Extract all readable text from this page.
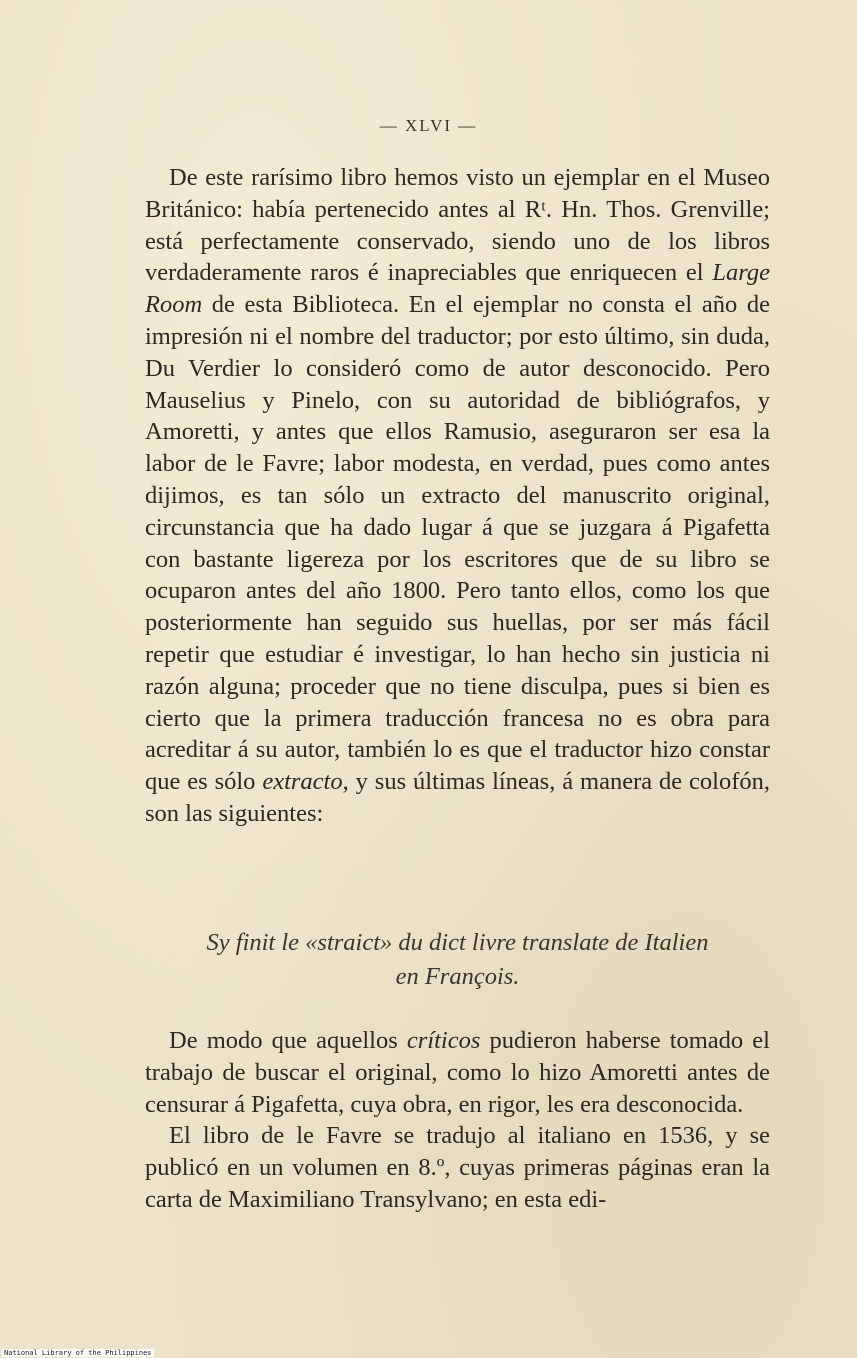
— XLVI —

De este rarísimo libro hemos visto un ejemplar en el Museo Británico: había pertenecido antes al Rᵗ. Hn. Thos. Grenville; está perfectamente conservado, siendo uno de los libros verdaderamente raros é inapreciables que enriquecen el Large Room de esta Biblioteca. En el ejemplar no consta el año de impresión ni el nombre del traductor; por esto último, sin duda, Du Verdier lo consideró como de autor desconocido. Pero Mauselius y Pinelo, con su autoridad de bibliógrafos, y Amoretti, y antes que ellos Ramusio, aseguraron ser esa la labor de le Favre; labor modesta, en verdad, pues como antes dijimos, es tan sólo un extracto del manuscrito original, circunstancia que ha dado lugar á que se juzgara á Pigafetta con bastante ligereza por los escritores que de su libro se ocuparon antes del año 1800. Pero tanto ellos, como los que posteriormente han seguido sus huellas, por ser más fácil repetir que estudiar é investigar, lo han hecho sin justicia ni razón alguna; proceder que no tiene disculpa, pues si bien es cierto que la primera traducción francesa no es obra para acreditar á su autor, también lo es que el traductor hizo constar que es sólo extracto, y sus últimas líneas, á manera de colofón, son las siguientes:

Sy finit le «straict» du dict livre translate de Italien
en François.

De modo que aquellos críticos pudieron haberse tomado el trabajo de buscar el original, como lo hizo Amoretti antes de censurar á Pigafetta, cuya obra, en rigor, les era desconocida.

El libro de le Favre se tradujo al italiano en 1536, y se publicó en un volumen en 8.º, cuyas primeras páginas eran la carta de Maximiliano Transylvano; en esta edi-

National Library of the Philippines
